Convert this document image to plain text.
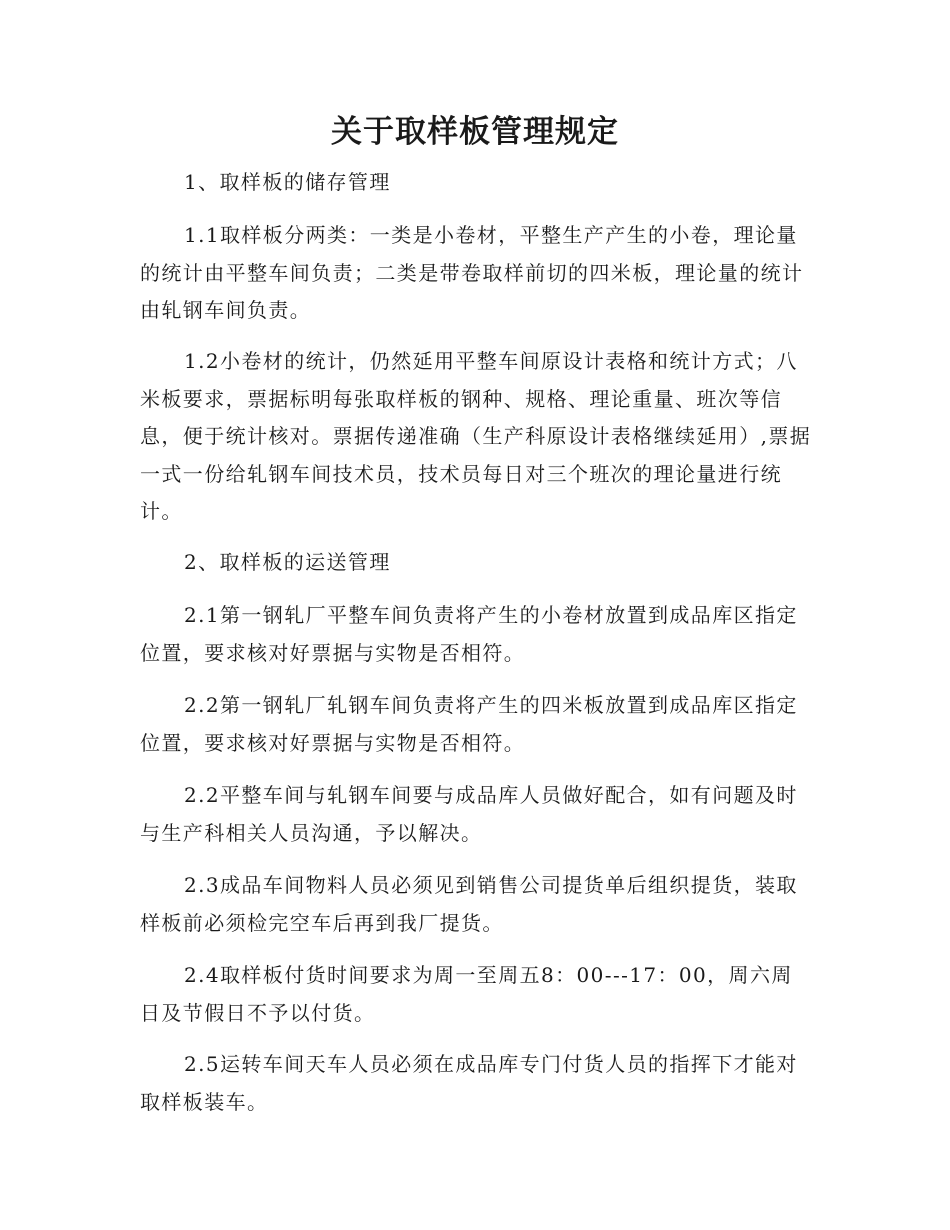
关于取样板管理规定

1、取样板的储存管理

1.1取样板分两类：一类是小卷材，平整生产产生的小卷，理论量的统计由平整车间负责；二类是带卷取样前切的四米板，理论量的统计由轧钢车间负责。

1.2小卷材的统计，仍然延用平整车间原设计表格和统计方式；八米板要求，票据标明每张取样板的钢种、规格、理论重量、班次等信息，便于统计核对。票据传递准确（生产科原设计表格继续延用）,票据一式一份给轧钢车间技术员，技术员每日对三个班次的理论量进行统计。

2、取样板的运送管理

2.1第一钢轧厂平整车间负责将产生的小卷材放置到成品库区指定位置，要求核对好票据与实物是否相符。

2.2第一钢轧厂轧钢车间负责将产生的四米板放置到成品库区指定位置，要求核对好票据与实物是否相符。

2.2平整车间与轧钢车间要与成品库人员做好配合，如有问题及时与生产科相关人员沟通，予以解决。

2.3成品车间物料人员必须见到销售公司提货单后组织提货，装取样板前必须检完空车后再到我厂提货。

2.4取样板付货时间要求为周一至周五8：00---17：00，周六周日及节假日不予以付货。

2.5运转车间天车人员必须在成品库专门付货人员的指挥下才能对取样板装车。
